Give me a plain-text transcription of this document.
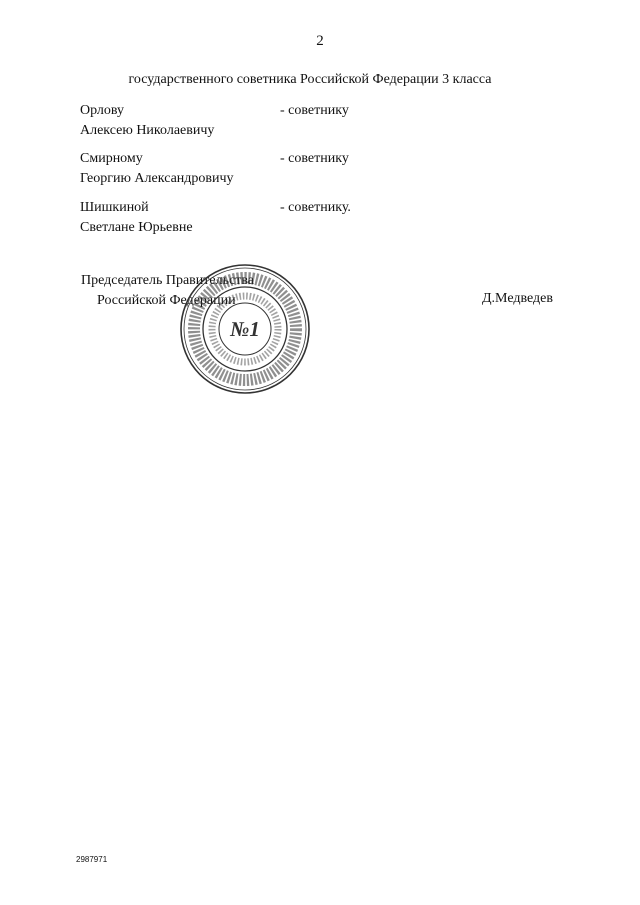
2
государственного советника Российской Федерации 3 класса
Орлову
Алексею Николаевичу
- советнику
Смирному
Георгию Александровичу
- советнику
Шишкиной
Светлане Юрьевне
- советнику.
Председатель Правительства
Российской Федерации	Д.Медведев
№1
2987971
